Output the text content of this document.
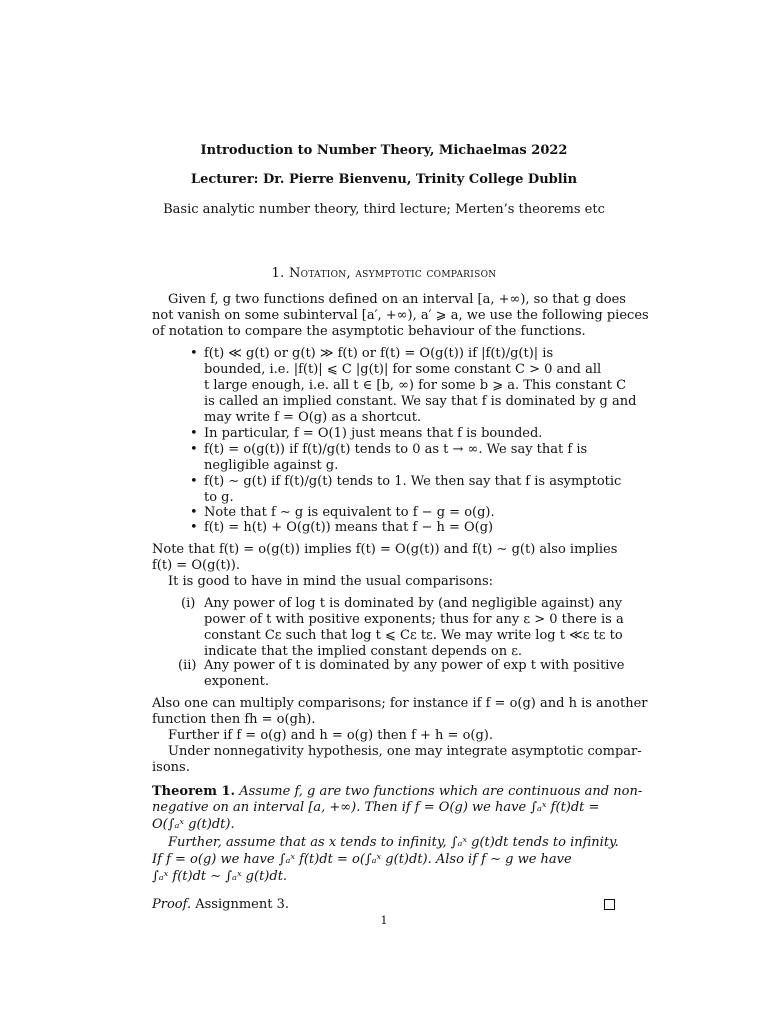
Introduction to Number Theory, Michaelmas 2022
Lecturer: Dr. Pierre Bienvenu, Trinity College Dublin
Basic analytic number theory, third lecture; Merten’s theorems etc
1. Notation, asymptotic comparison
Given f, g two functions defined on an interval [a, +∞), so that g does
not vanish on some subinterval [a′, +∞), a′ ⩾ a, we use the following pieces
of notation to compare the asymptotic behaviour of the functions.
• f(t) ≪ g(t) or g(t) ≫ f(t) or f(t) = O(g(t)) if |f(t)/g(t)| is
bounded, i.e. |f(t)| ⩽ C |g(t)| for some constant C > 0 and all
t large enough, i.e. all t ∈ [b, ∞) for some b ⩾ a. This constant C
is called an implied constant. We say that f is dominated by g and
may write f = O(g) as a shortcut.
• In particular, f = O(1) just means that f is bounded.
• f(t) = o(g(t)) if f(t)/g(t) tends to 0 as t → ∞. We say that f is
negligible against g.
• f(t) ∼ g(t) if f(t)/g(t) tends to 1. We then say that f is asymptotic
to g.
• Note that f ∼ g is equivalent to f − g = o(g).
• f(t) = h(t) + O(g(t)) means that f − h = O(g)
Note that f(t) = o(g(t)) implies f(t) = O(g(t)) and f(t) ∼ g(t) also implies
f(t) = O(g(t)).
It is good to have in mind the usual comparisons:
(i) Any power of log t is dominated by (and negligible against) any
power of t with positive exponents; thus for any ε > 0 there is a
constant Cε such that log t ⩽ Cε tε. We may write log t ≪ε tε to
indicate that the implied constant depends on ε.
(ii) Any power of t is dominated by any power of exp t with positive
exponent.
Also one can multiply comparisons; for instance if f = o(g) and h is another
function then fh = o(gh).
Further if f = o(g) and h = o(g) then f + h = o(g).
Under nonnegativity hypothesis, one may integrate asymptotic compar-
isons.
Theorem 1. Assume f, g are two functions which are continuous and non-
negative on an interval [a, +∞). Then if f = O(g) we have ∫ₐˣ f(t)dt =
O(∫ₐˣ g(t)dt).
Further, assume that as x tends to infinity, ∫ₐˣ g(t)dt tends to infinity.
If f = o(g) we have ∫ₐˣ f(t)dt = o(∫ₐˣ g(t)dt). Also if f ∼ g we have
∫ₐˣ f(t)dt ∼ ∫ₐˣ g(t)dt.
Proof. Assignment 3.
1
